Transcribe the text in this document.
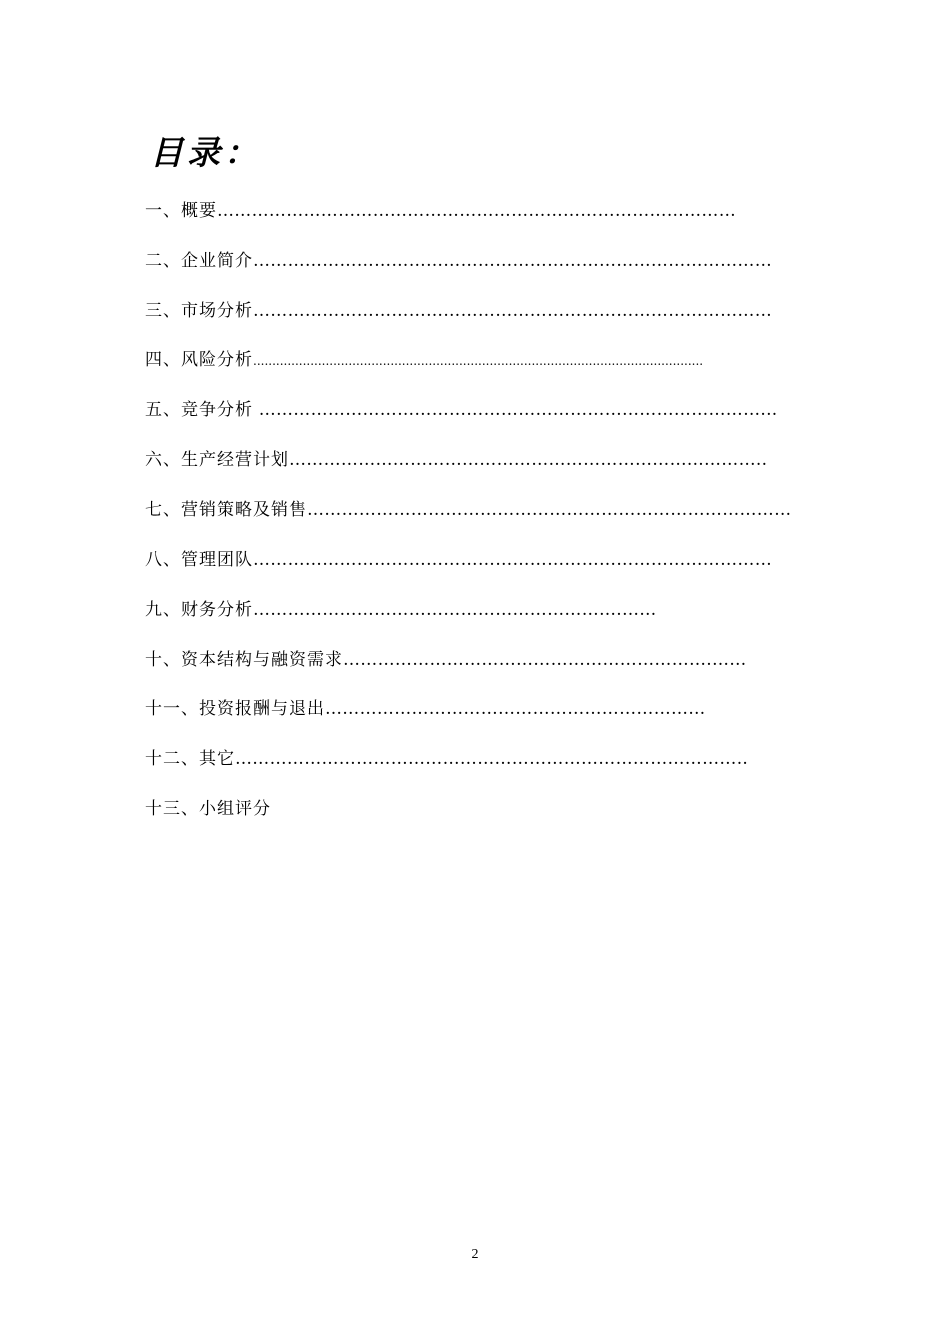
目录：
一、概要………………………………………………………………………………
二、企业简介………………………………………………………………………………
三、市场分析………………………………………………………………………………
四、风险分析......................................................................................................................
五、竞争分析 ……………………………………………………………………………...
六、生产经营计划……………………………………………………………...………..
七、营销策略及销售…………………………………………………………………………
八、管理团队………………………………………………………………………………
九、财务分析……………………………………………………….……
十、资本结构与融资需求……………………………………………………….……
十一、投资报酬与退出…………………………………………………………
十二、其它……………………………………………………………………………..
十三、小组评分
2
